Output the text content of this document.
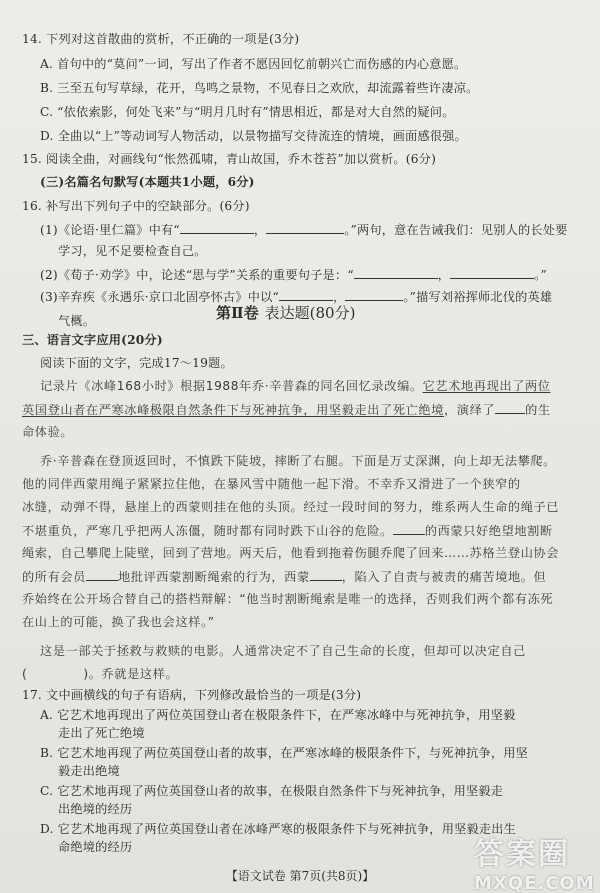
14. 下列对这首散曲的赏析，不正确的一项是(3分)
A. 首句中的“莫问”一词，写出了作者不愿因回忆前朝兴亡而伤感的内心意愿。
B. 三至五句写草绿，花开，鸟鸣之景物，不见春日之欢欣，却流露着些许凄凉。
C. “依依索影，何处飞来”与“明月几时有”情思相近，都是对大自然的疑问。
D. 全曲以“上”等动词写人物活动，以景物描写交待流连的情境，画面感很强。
15. 阅读全曲，对画线句“怅然孤啸，青山故国，乔木苍苔”加以赏析。(6分)
(三)名篇名句默写(本题共1小题，6分)
16. 补写出下列句子中的空缺部分。(6分)
(1)《论语·里仁篇》中有“	，	。”两句，意在告诫我们：见别人的长处要
学习，见不足要检查自己。
(2)《荀子·劝学》中，论述“思与学”关系的重要句子是：“	，	。”
(3)辛弃疾《永遇乐·京口北固亭怀古》中以“	，	。”描写刘裕挥师北伐的英雄
第Ⅱ卷 表达题(80分)
气概。
三、语言文字应用(20分)
阅读下面的文字，完成17～19题。
记录片《冰峰168小时》根据1988年乔·辛普森的同名回忆录改编。它艺术地再现出了两位
英国登山者在严寒冰峰极限自然条件下与死神抗争，用坚毅走出了死亡绝境，演绎了 的生
命体验。
乔·辛普森在登顶返回时，不慎跌下陡坡，摔断了右腿。下面是万丈深渊，向上却无法攀爬。
他的同伴西蒙用绳子紧紧拉住他，在暴风雪中随他一起下滑。不幸乔又滑进了一个狭窄的
冰缝，动弹不得，悬崖上的西蒙则挂在他的头顶。经过一段时间的努力，维系两人生命的绳子已
不堪重负，严寒几乎把两人冻僵，随时都有同时跌下山谷的危险。	的西蒙只好绝望地割断
绳索，自己攀爬上陡壁，回到了营地。两天后，他看到拖着伤腿乔爬了回来……苏格兰登山协会
的所有会员	地批评西蒙割断绳索的行为，西蒙	，陷入了自责与被责的痛苦境地。但
乔始终在公开场合替自己的搭档辩解：“他当时割断绳索是唯一的选择，否则我们两个都有冻死
在山上的可能，换了我也会这样。”
这是一部关于拯救与救赎的电影。人通常决定不了自己生命的长度，但却可以决定自己
(	)。乔就是这样。
17. 文中画横线的句子有语病，下列修改最恰当的一项是(3分)
A. 它艺术地再现出了两位英国登山者在极限条件下，在严寒冰峰中与死神抗争，用坚毅
走出了死亡绝境
B. 它艺术地再现了两位英国登山者的故事，在严寒冰峰的极限条件下，与死神抗争，用坚
毅走出绝境
C. 它艺术地再现了两位英国登山者的故事，在极限自然条件下与死神抗争，用坚毅走
出绝境的经历
【语文试卷 第7页(共8页)】
答案圈
MXQE.COM
D. 它艺术地再现了两位英国登山者在冰峰严寒的极限条件下与死神抗争，用坚毅走出生
命绝境的经历
